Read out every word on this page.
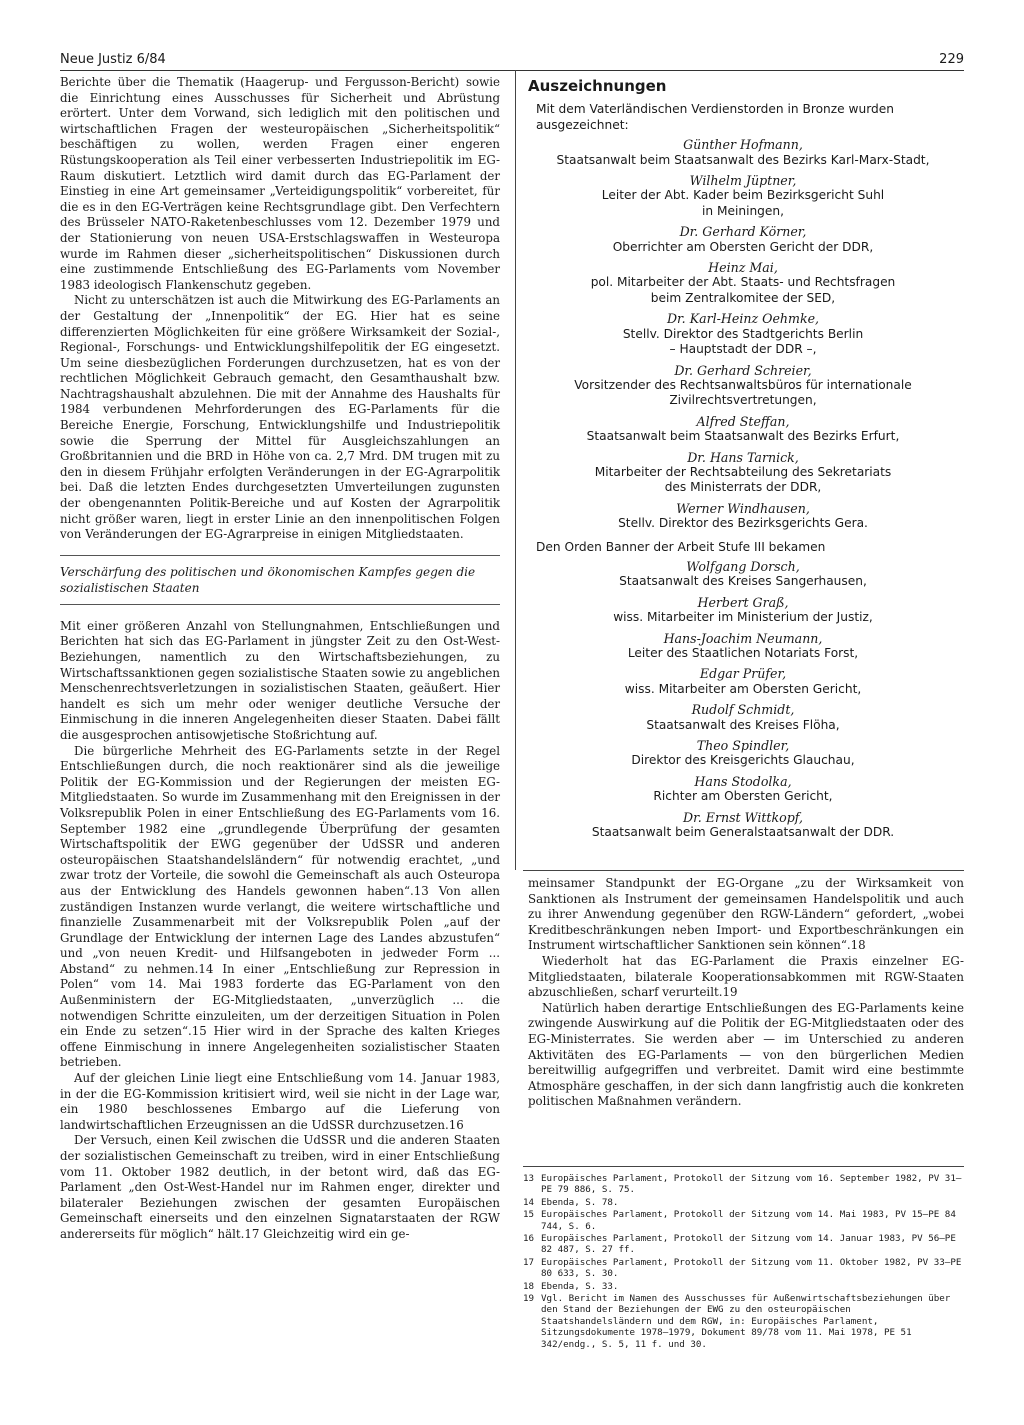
Neue Justiz 6/84	229

Berichte über die Thematik (Haagerup- und Fergusson-Bericht) sowie die Einrichtung eines Ausschusses für Sicherheit und Abrüstung erörtert. Unter dem Vorwand, sich lediglich mit den politischen und wirtschaftlichen Fragen der westeuropäischen „Sicherheitspolitik“ beschäftigen zu wollen, werden Fragen einer engeren Rüstungskooperation als Teil einer verbesserten Industriepolitik im EG-Raum diskutiert. Letztlich wird damit durch das EG-Parlament der Einstieg in eine Art gemeinsamer „Verteidigungspolitik“ vorbereitet, für die es in den EG-Verträgen keine Rechtsgrundlage gibt. Den Verfechtern des Brüsseler NATO-Raketenbeschlusses vom 12. Dezember 1979 und der Stationierung von neuen USA-Erstschlagswaffen in Westeuropa wurde im Rahmen dieser „sicherheitspolitischen“ Diskussionen durch eine zustimmende Entschließung des EG-Parlaments vom November 1983 ideologisch Flankenschutz gegeben.

Nicht zu unterschätzen ist auch die Mitwirkung des EG-Parlaments an der Gestaltung der „Innenpolitik“ der EG. Hier hat es seine differenzierten Möglichkeiten für eine größere Wirksamkeit der Sozial-, Regional-, Forschungs- und Entwicklungshilfepolitik der EG eingesetzt. Um seine diesbezüglichen Forderungen durchzusetzen, hat es von der rechtlichen Möglichkeit Gebrauch gemacht, den Gesamthaushalt bzw. Nachtragshaushalt abzulehnen. Die mit der Annahme des Haushalts für 1984 verbundenen Mehrforderungen des EG-Parlaments für die Bereiche Energie, Forschung, Entwicklungshilfe und Industriepolitik sowie die Sperrung der Mittel für Ausgleichszahlungen an Großbritannien und die BRD in Höhe von ca. 2,7 Mrd. DM trugen mit zu den in diesem Frühjahr erfolgten Veränderungen in der EG-Agrarpolitik bei. Daß die letzten Endes durchgesetzten Umverteilungen zugunsten der obengenannten Politik-Bereiche und auf Kosten der Agrarpolitik nicht größer waren, liegt in erster Linie an den innenpolitischen Folgen von Veränderungen der EG-Agrarpreise in einigen Mitgliedstaaten.

Verschärfung des politischen und ökonomischen Kampfes gegen die sozialistischen Staaten

Mit einer größeren Anzahl von Stellungnahmen, Entschließungen und Berichten hat sich das EG-Parlament in jüngster Zeit zu den Ost-West-Beziehungen, namentlich zu den Wirtschaftsbeziehungen, zu Wirtschaftssanktionen gegen sozialistische Staaten sowie zu angeblichen Menschenrechtsverletzungen in sozialistischen Staaten, geäußert. Hier handelt es sich um mehr oder weniger deutliche Versuche der Einmischung in die inneren Angelegenheiten dieser Staaten. Dabei fällt die ausgesprochen antisowjetische Stoßrichtung auf.

Die bürgerliche Mehrheit des EG-Parlaments setzte in der Regel Entschließungen durch, die noch reaktionärer sind als die jeweilige Politik der EG-Kommission und der Regierungen der meisten EG-Mitgliedstaaten. So wurde im Zusammenhang mit den Ereignissen in der Volksrepublik Polen in einer Entschließung des EG-Parlaments vom 16. September 1982 eine „grundlegende Überprüfung der gesamten Wirtschaftspolitik der EWG gegenüber der UdSSR und anderen osteuropäischen Staatshandelsländern“ für notwendig erachtet, „und zwar trotz der Vorteile, die sowohl die Gemeinschaft als auch Osteuropa aus der Entwicklung des Handels gewonnen haben“.13 Von allen zuständigen Instanzen wurde verlangt, die weitere wirtschaftliche und finanzielle Zusammenarbeit mit der Volksrepublik Polen „auf der Grundlage der Entwicklung der internen Lage des Landes abzustufen“ und „von neuen Kredit- und Hilfsangeboten in jedweder Form ... Abstand“ zu nehmen.14 In einer „Entschließung zur Repression in Polen“ vom 14. Mai 1983 forderte das EG-Parlament von den Außenministern der EG-Mitgliedstaaten, „unverzüglich ... die notwendigen Schritte einzuleiten, um der derzeitigen Situation in Polen ein Ende zu setzen“.15 Hier wird in der Sprache des kalten Krieges offene Einmischung in innere Angelegenheiten sozialistischer Staaten betrieben.

Auf der gleichen Linie liegt eine Entschließung vom 14. Januar 1983, in der die EG-Kommission kritisiert wird, weil sie nicht in der Lage war, ein 1980 beschlossenes Embargo auf die Lieferung von landwirtschaftlichen Erzeugnissen an die UdSSR durchzusetzen.16

Der Versuch, einen Keil zwischen die UdSSR und die anderen Staaten der sozialistischen Gemeinschaft zu treiben, wird in einer Entschließung vom 11. Oktober 1982 deutlich, in der betont wird, daß das EG-Parlament „den Ost-West-Handel nur im Rahmen enger, direkter und bilateraler Beziehungen zwischen der gesamten Europäischen Gemeinschaft einerseits und den einzelnen Signatarstaaten der RGW andererseits für möglich“ hält.17 Gleichzeitig wird ein ge-

Auszeichnungen
Mit dem Vaterländischen Verdienstorden in Bronze wurden ausgezeichnet:
Günther Hofmann,
Staatsanwalt beim Staatsanwalt des Bezirks Karl-Marx-Stadt,
Wilhelm Jüptner,
Leiter der Abt. Kader beim Bezirksgericht Suhl
in Meiningen,
Dr. Gerhard Körner,
Oberrichter am Obersten Gericht der DDR,
Heinz Mai,
pol. Mitarbeiter der Abt. Staats- und Rechtsfragen
beim Zentralkomitee der SED,
Dr. Karl-Heinz Oehmke,
Stellv. Direktor des Stadtgerichts Berlin
– Hauptstadt der DDR –,
Dr. Gerhard Schreier,
Vorsitzender des Rechtsanwaltsbüros für internationale
Zivilrechtsvertretungen,
Alfred Steffan,
Staatsanwalt beim Staatsanwalt des Bezirks Erfurt,
Dr. Hans Tarnick,
Mitarbeiter der Rechtsabteilung des Sekretariats
des Ministerrats der DDR,
Werner Windhausen,
Stellv. Direktor des Bezirksgerichts Gera.
Den Orden Banner der Arbeit Stufe III bekamen
Wolfgang Dorsch,
Staatsanwalt des Kreises Sangerhausen,
Herbert Graß,
wiss. Mitarbeiter im Ministerium der Justiz,
Hans-Joachim Neumann,
Leiter des Staatlichen Notariats Forst,
Edgar Prüfer,
wiss. Mitarbeiter am Obersten Gericht,
Rudolf Schmidt,
Staatsanwalt des Kreises Flöha,
Theo Spindler,
Direktor des Kreisgerichts Glauchau,
Hans Stodolka,
Richter am Obersten Gericht,
Dr. Ernst Wittkopf,
Staatsanwalt beim Generalstaatsanwalt der DDR.

meinsamer Standpunkt der EG-Organe „zu der Wirksamkeit von Sanktionen als Instrument der gemeinsamen Handelspolitik und auch zu ihrer Anwendung gegenüber den RGW-Ländern“ gefordert, „wobei Kreditbeschränkungen neben Import- und Exportbeschränkungen ein Instrument wirtschaftlicher Sanktionen sein können“.18

Wiederholt hat das EG-Parlament die Praxis einzelner EG-Mitgliedstaaten, bilaterale Kooperationsabkommen mit RGW-Staaten abzuschließen, scharf verurteilt.19

Natürlich haben derartige Entschließungen des EG-Parlaments keine zwingende Auswirkung auf die Politik der EG-Mitgliedstaaten oder des EG-Ministerrates. Sie werden aber — im Unterschied zu anderen Aktivitäten des EG-Parlaments — von den bürgerlichen Medien bereitwillig aufgegriffen und verbreitet. Damit wird eine bestimmte Atmosphäre geschaffen, in der sich dann langfristig auch die konkreten politischen Maßnahmen verändern.

13 Europäisches Parlament, Protokoll der Sitzung vom 16. September 1982, PV 31—PE 79 886, S. 75.
14 Ebenda, S. 78.
15 Europäisches Parlament, Protokoll der Sitzung vom 14. Mai 1983, PV 15—PE 84 744, S. 6.
16 Europäisches Parlament, Protokoll der Sitzung vom 14. Januar 1983, PV 56—PE 82 487, S. 27 ff.
17 Europäisches Parlament, Protokoll der Sitzung vom 11. Oktober 1982, PV 33—PE 80 633, S. 30.
18 Ebenda, S. 33.
19 Vgl. Bericht im Namen des Ausschusses für Außenwirtschaftsbeziehungen über den Stand der Beziehungen der EWG zu den osteuropäischen Staatshandelsländern und dem RGW, in: Europäisches Parlament, Sitzungsdokumente 1978—1979, Dokument 89/78 vom 11. Mai 1978, PE 51 342/endg., S. 5, 11 f. und 30.
